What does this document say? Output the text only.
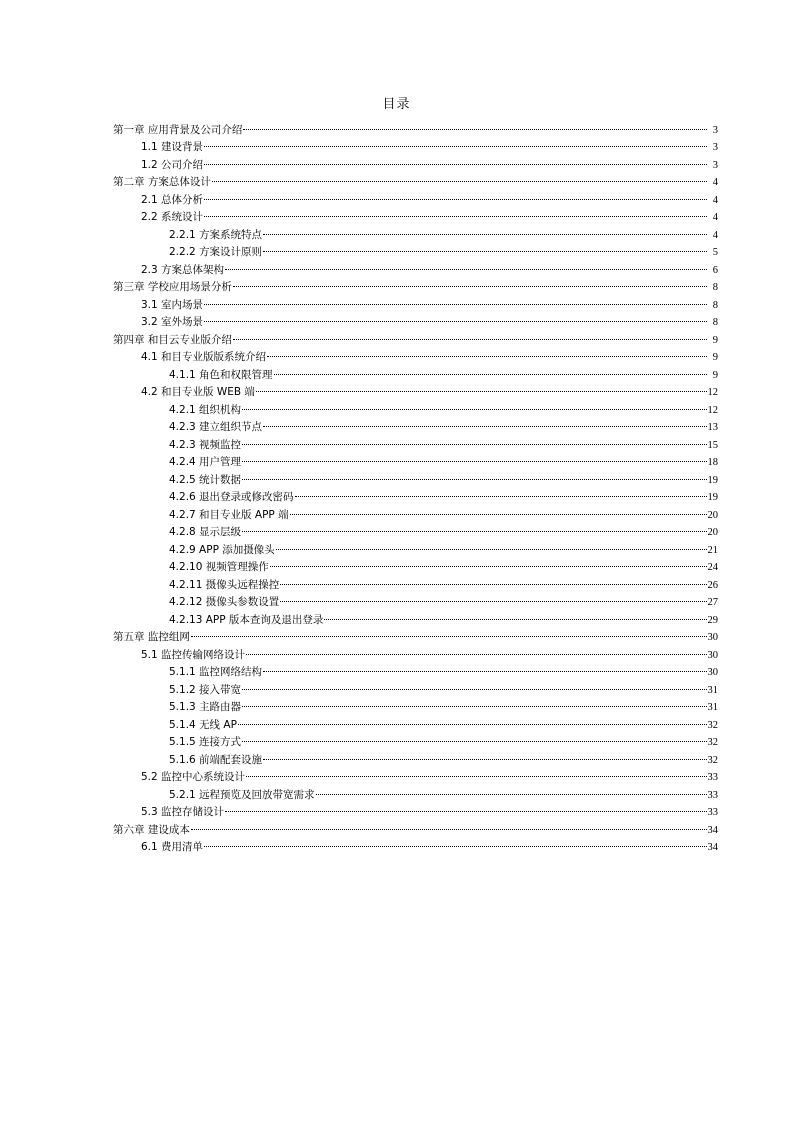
目录
第一章 应用背景及公司介绍	3
1.1 建设背景	3
1.2 公司介绍	3
第二章 方案总体设计	4
2.1 总体分析	4
2.2 系统设计	4
2.2.1 方案系统特点	4
2.2.2 方案设计原则	5
2.3 方案总体架构	6
第三章 学校应用场景分析	8
3.1 室内场景	8
3.2 室外场景	8
第四章 和目云专业版介绍	9
4.1 和目专业版版系统介绍	9
4.1.1 角色和权限管理	9
4.2 和目专业版 WEB 端	12
4.2.1 组织机构	12
4.2.3 建立组织节点	13
4.2.3 视频监控	15
4.2.4 用户管理	18
4.2.5 统计数据	19
4.2.6 退出登录或修改密码	19
4.2.7 和目专业版 APP 端	20
4.2.8 显示层级	20
4.2.9 APP 添加摄像头	21
4.2.10 视频管理操作	24
4.2.11 摄像头远程操控	26
4.2.12 摄像头参数设置	27
4.2.13 APP 版本查询及退出登录	29
第五章 监控组网	30
5.1 监控传输网络设计	30
5.1.1 监控网络结构	30
5.1.2 接入带宽	31
5.1.3 主路由器	31
5.1.4 无线 AP	32
5.1.5 连接方式	32
5.1.6 前端配套设施	32
5.2 监控中心系统设计	33
5.2.1 远程预览及回放带宽需求	33
5.3 监控存储设计	33
第六章 建设成本	34
6.1 费用清单	34
